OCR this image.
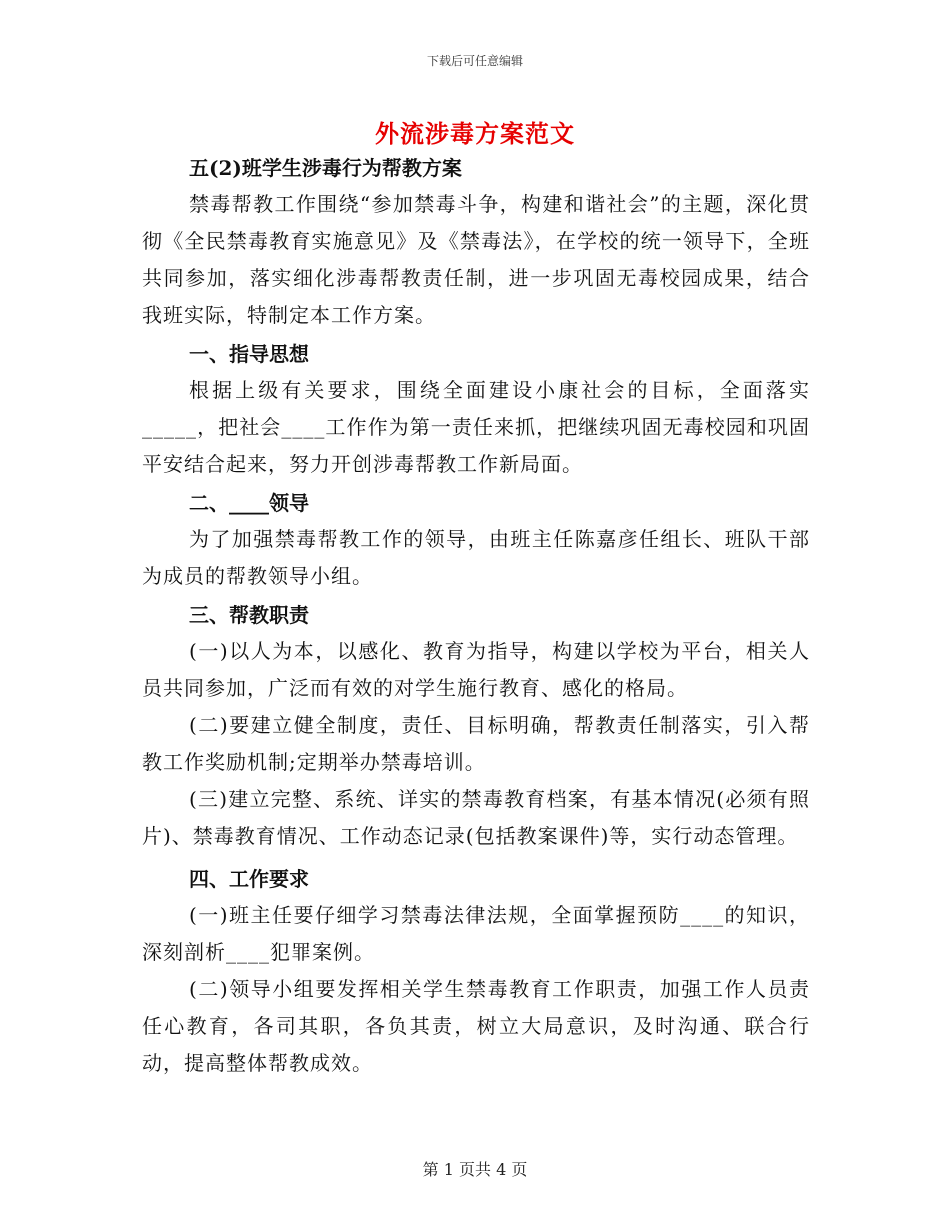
下载后可任意编辑
外流涉毒方案范文

五(2)班学生涉毒行为帮教方案

禁毒帮教工作围绕“参加禁毒斗争，构建和谐社会”的主题，深化贯彻《全民禁毒教育实施意见》及《禁毒法》，在学校的统一领导下，全班共同参加，落实细化涉毒帮教责任制，进一步巩固无毒校园成果，结合我班实际，特制定本工作方案。

一、指导思想

根据上级有关要求，围绕全面建设小康社会的目标，全面落实_____，把社会____工作作为第一责任来抓，把继续巩固无毒校园和巩固平安结合起来，努力开创涉毒帮教工作新局面。

二、____领导

为了加强禁毒帮教工作的领导，由班主任陈嘉彦任组长、班队干部为成员的帮教领导小组。

三、帮教职责

(一)以人为本，以感化、教育为指导，构建以学校为平台，相关人员共同参加，广泛而有效的对学生施行教育、感化的格局。

(二)要建立健全制度，责任、目标明确，帮教责任制落实，引入帮教工作奖励机制;定期举办禁毒培训。

(三)建立完整、系统、详实的禁毒教育档案，有基本情况(必须有照片)、禁毒教育情况、工作动态记录(包括教案课件)等，实行动态管理。

四、工作要求

(一)班主任要仔细学习禁毒法律法规，全面掌握预防____的知识，深刻剖析____犯罪案例。

(二)领导小组要发挥相关学生禁毒教育工作职责，加强工作人员责任心教育，各司其职，各负其责，树立大局意识，及时沟通、联合行动，提高整体帮教成效。

第 1 页共 4 页
